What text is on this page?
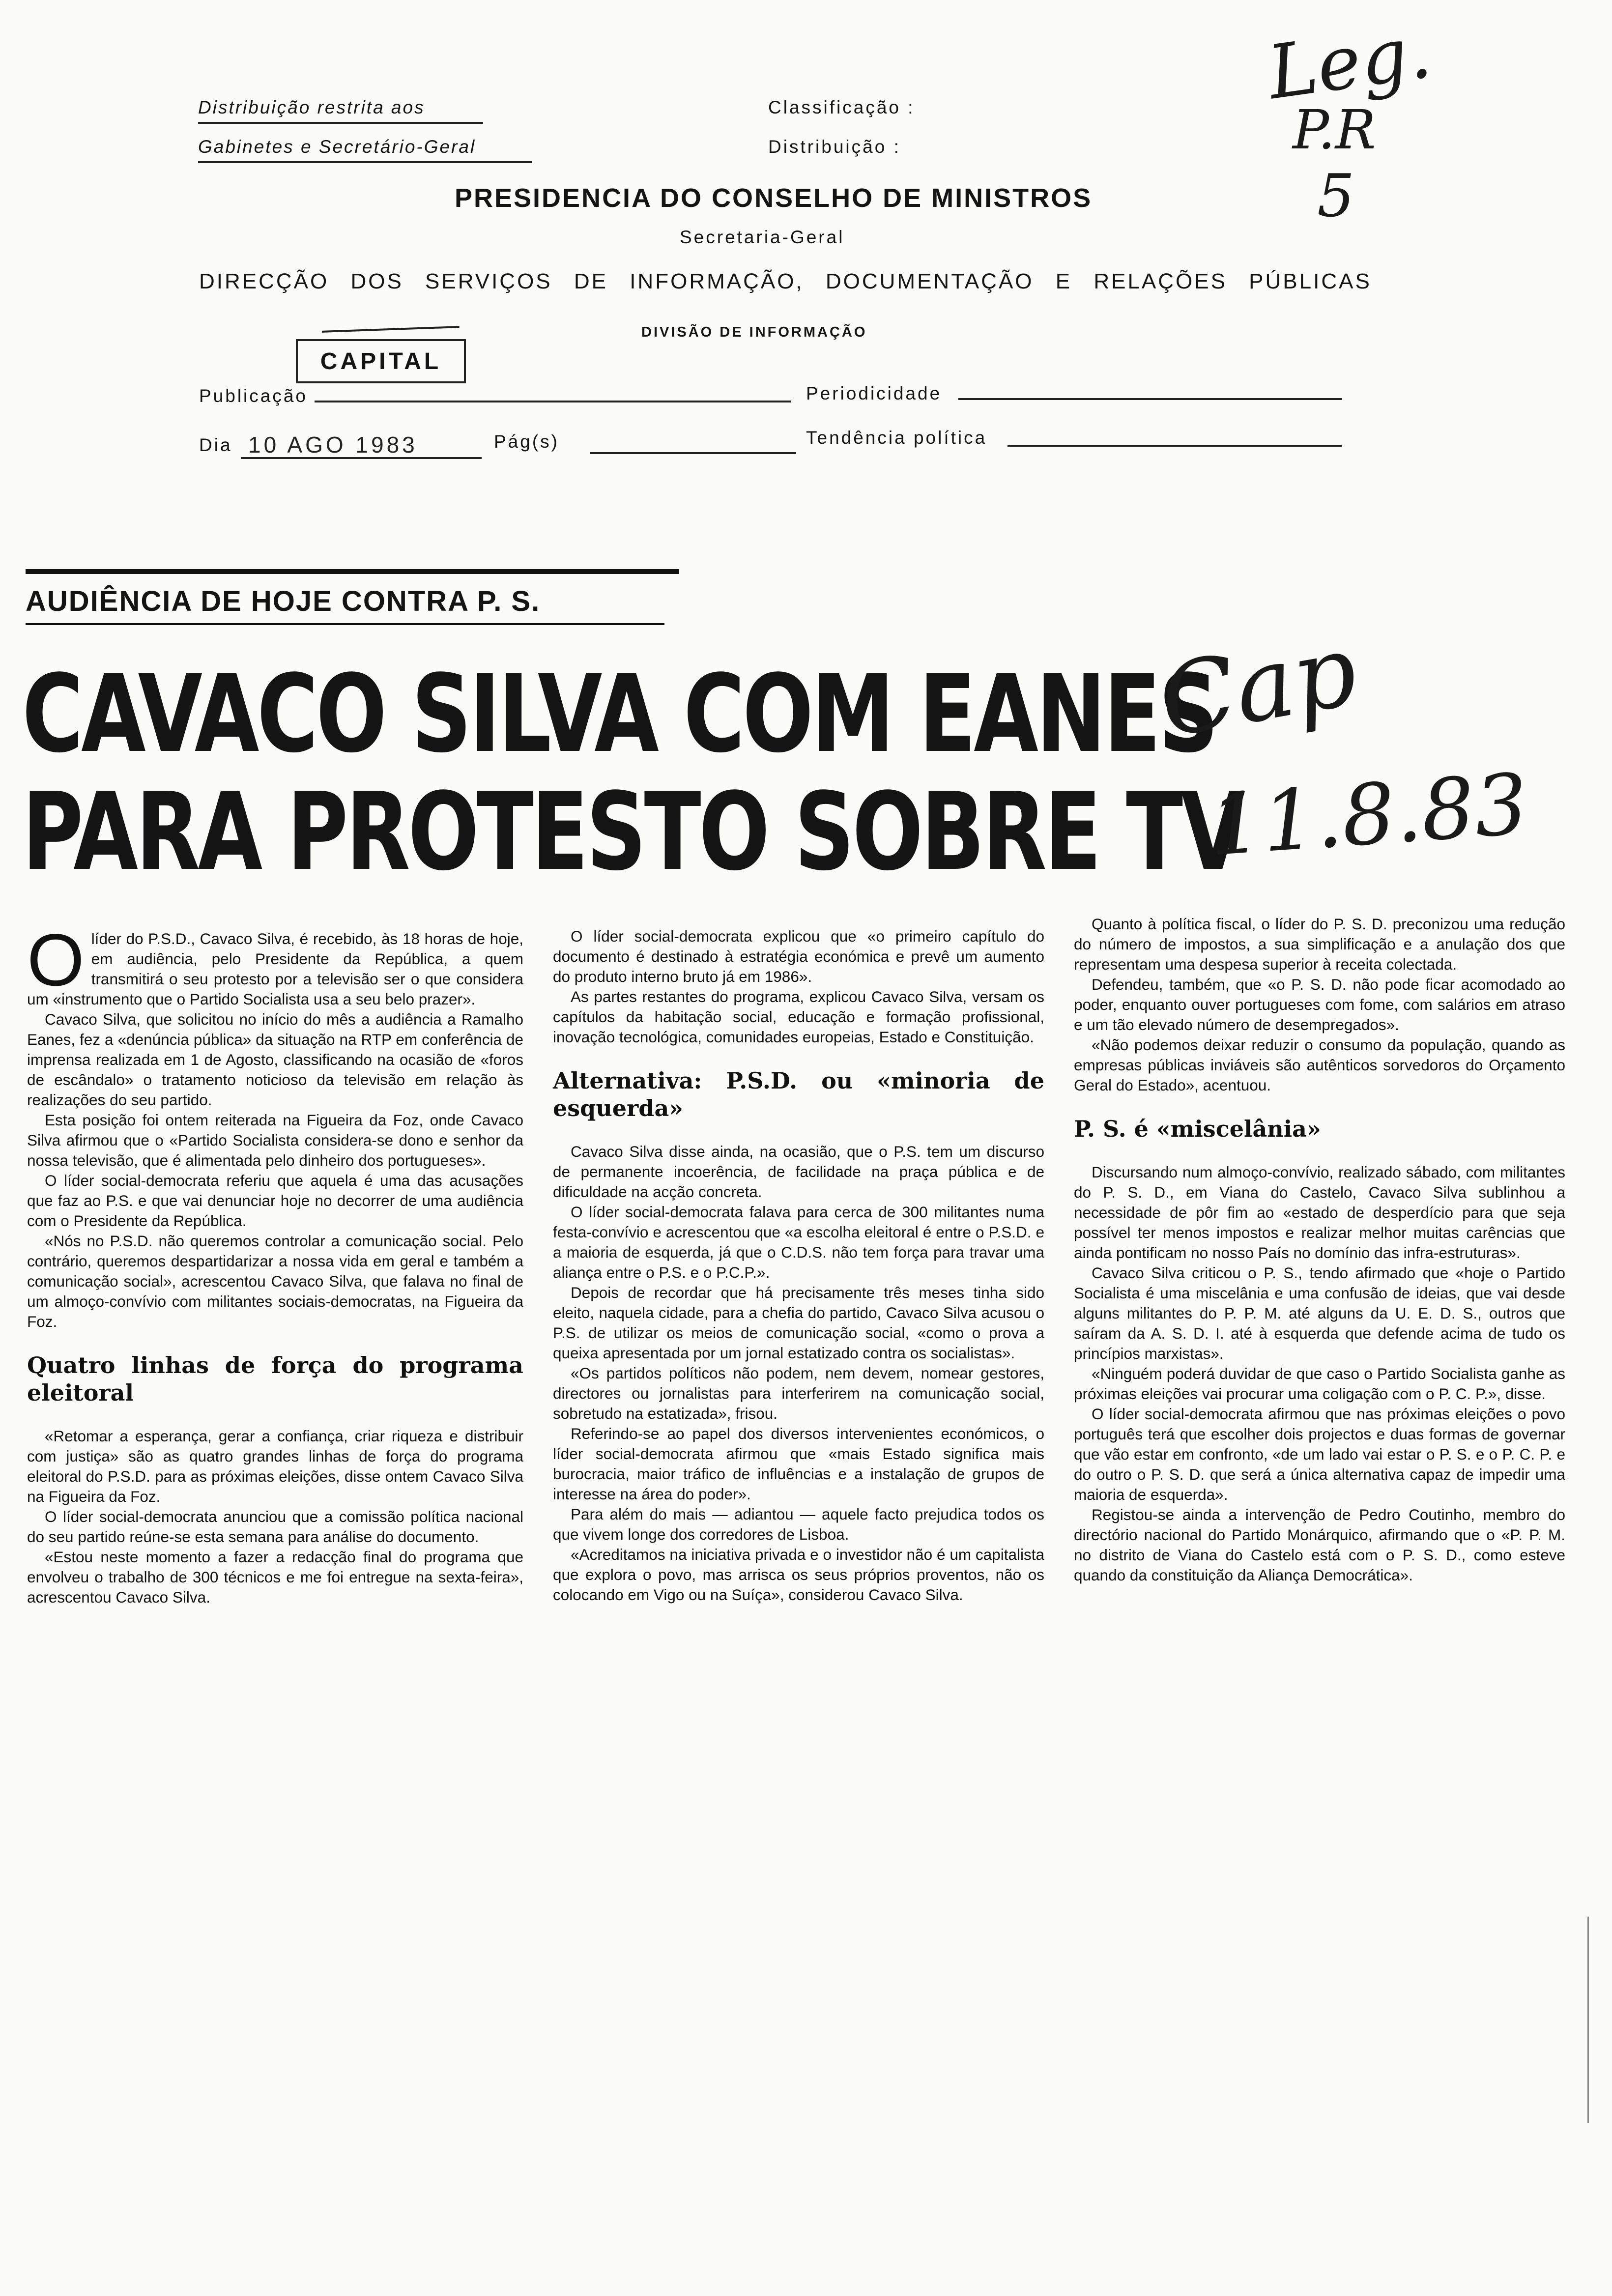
Distribuição restrita aos
Gabinetes e Secretário-Geral
Classificação :
Distribuição :
PRESIDENCIA DO CONSELHO DE MINISTROS
Secretaria-Geral
DIRECÇÃO DOS SERVIÇOS DE INFORMAÇÃO, DOCUMENTAÇÃO E RELAÇÕES PÚBLICAS
DIVISÃO DE INFORMAÇÃO
CAPITAL
Publicação	Periodicidade
Dia 10 AGO 1983	Pág(s)	Tendência política
Leg.
P.R
5
AUDIÊNCIA DE HOJE CONTRA P. S.
CAVACO SILVA COM EANES
PARA PROTESTO SOBRE TV
Cap
11.8.83

Olíder do P.S.D., Cavaco Silva, é recebido, às 18 horas de hoje, em audiência, pelo Presidente da República, a quem transmitirá o seu protesto por a televisão ser o que considera um «instrumento que o Partido Socialista usa a seu belo prazer».

Cavaco Silva, que solicitou no início do mês a audiência a Ramalho Eanes, fez a «denúncia pública» da situação na RTP em conferência de imprensa realizada em 1 de Agosto, classificando na ocasião de «foros de escândalo» o tratamento noticioso da televisão em relação às realizações do seu partido.

Esta posição foi ontem reiterada na Figueira da Foz, onde Cavaco Silva afirmou que o «Partido Socialista considera-se dono e senhor da nossa televisão, que é alimentada pelo dinheiro dos portugueses».

O líder social-democrata referiu que aquela é uma das acusações que faz ao P.S. e que vai denunciar hoje no decorrer de uma audiência com o Presidente da República.

«Nós no P.S.D. não queremos controlar a comunicação social. Pelo contrário, queremos despartidarizar a nossa vida em geral e também a comunicação social», acrescentou Cavaco Silva, que falava no final de um almoço-convívio com militantes sociais-democratas, na Figueira da Foz.

Quatro linhas de força do programa eleitoral

«Retomar a esperança, gerar a confiança, criar riqueza e distribuir com justiça» são as quatro grandes linhas de força do programa eleitoral do P.S.D. para as próximas eleições, disse ontem Cavaco Silva na Figueira da Foz.

O líder social-democrata anunciou que a comissão política nacional do seu partido reúne-se esta semana para análise do documento.

«Estou neste momento a fazer a redacção final do programa que envolveu o trabalho de 300 técnicos e me foi entregue na sexta-feira», acrescentou Cavaco Silva.

O líder social-democrata explicou que «o primeiro capítulo do documento é destinado à estratégia económica e prevê um aumento do produto interno bruto já em 1986».

As partes restantes do programa, explicou Cavaco Silva, versam os capítulos da habitação social, educação e formação profissional, inovação tecnológica, comunidades europeias, Estado e Constituição.

Alternativa: P.S.D. ou «minoria de esquerda»

Cavaco Silva disse ainda, na ocasião, que o P.S. tem um discurso de permanente incoerência, de facilidade na praça pública e de dificuldade na acção concreta.

O líder social-democrata falava para cerca de 300 militantes numa festa-convívio e acrescentou que «a escolha eleitoral é entre o P.S.D. e a maioria de esquerda, já que o C.D.S. não tem força para travar uma aliança entre o P.S. e o P.C.P.».

Depois de recordar que há precisamente três meses tinha sido eleito, naquela cidade, para a chefia do partido, Cavaco Silva acusou o P.S. de utilizar os meios de comunicação social, «como o prova a queixa apresentada por um jornal estatizado contra os socialistas».

«Os partidos políticos não podem, nem devem, nomear gestores, directores ou jornalistas para interferirem na comunicação social, sobretudo na estatizada», frisou.

Referindo-se ao papel dos diversos intervenientes económicos, o líder social-democrata afirmou que «mais Estado significa mais burocracia, maior tráfico de influências e a instalação de grupos de interesse na área do poder».

Para além do mais — adiantou — aquele facto prejudica todos os que vivem longe dos corredores de Lisboa.

«Acreditamos na iniciativa privada e o investidor não é um capitalista que explora o povo, mas arrisca os seus próprios proventos, não os colocando em Vigo ou na Suíça», considerou Cavaco Silva.

Quanto à política fiscal, o líder do P. S. D. preconizou uma redução do número de impostos, a sua simplificação e a anulação dos que representam uma despesa superior à receita colectada.

Defendeu, também, que «o P. S. D. não pode ficar acomodado ao poder, enquanto ouver portugueses com fome, com salários em atraso e um tão elevado número de desempregados».

«Não podemos deixar reduzir o consumo da população, quando as empresas públicas inviáveis são autênticos sorvedoros do Orçamento Geral do Estado», acentuou.

P. S. é «miscelânia»

Discursando num almoço-convívio, realizado sábado, com militantes do P. S. D., em Viana do Castelo, Cavaco Silva sublinhou a necessidade de pôr fim ao «estado de desperdício para que seja possível ter menos impostos e realizar melhor muitas carências que ainda pontificam no nosso País no domínio das infra-estruturas».

Cavaco Silva criticou o P. S., tendo afirmado que «hoje o Partido Socialista é uma miscelânia e uma confusão de ideias, que vai desde alguns militantes do P. P. M. até alguns da U. E. D. S., outros que saíram da A. S. D. I. até à esquerda que defende acima de tudo os princípios marxistas».

«Ninguém poderá duvidar de que caso o Partido Socialista ganhe as próximas eleições vai procurar uma coligação com o P. C. P.», disse.

O líder social-democrata afirmou que nas próximas eleições o povo português terá que escolher dois projectos e duas formas de governar que vão estar em confronto, «de um lado vai estar o P. S. e o P. C. P. e do outro o P. S. D. que será a única alternativa capaz de impedir uma maioria de esquerda».

Registou-se ainda a intervenção de Pedro Coutinho, membro do directório nacional do Partido Monárquico, afirmando que o «P. P. M. no distrito de Viana do Castelo está com o P. S. D., como esteve quando da constituição da Aliança Democrática».
